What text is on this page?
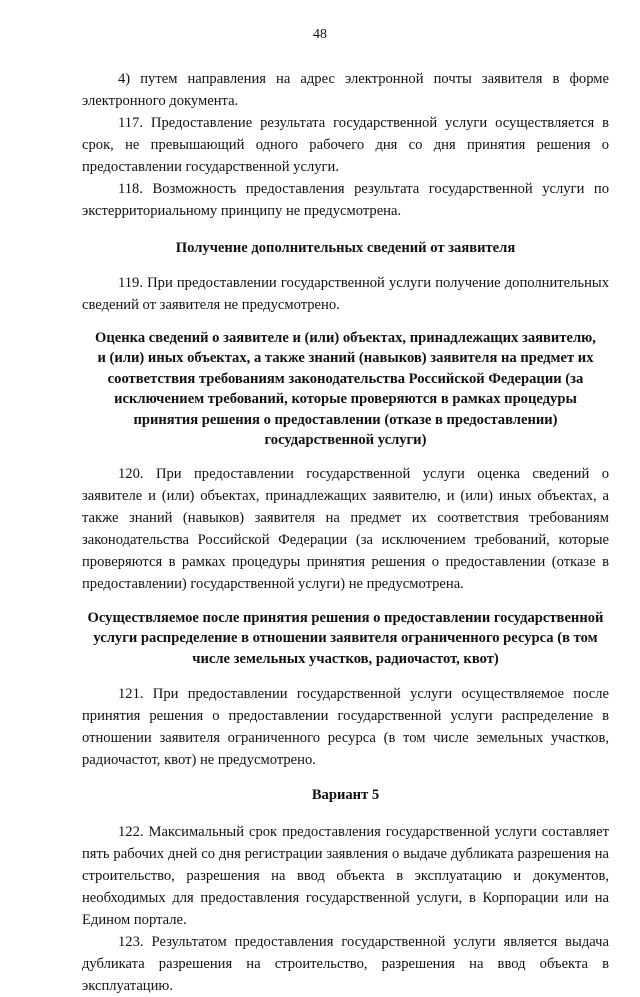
48

4) путем направления на адрес электронной почты заявителя в форме электронного документа.

117. Предоставление результата государственной услуги осуществляется в срок, не превышающий одного рабочего дня со дня принятия решения о предоставлении государственной услуги.

118. Возможность предоставления результата государственной услуги по экстерриториальному принципу не предусмотрена.

Получение дополнительных сведений от заявителя

119. При предоставлении государственной услуги получение дополнительных сведений от заявителя не предусмотрено.

Оценка сведений о заявителе и (или) объектах, принадлежащих заявителю, и (или) иных объектах, а также знаний (навыков) заявителя на предмет их соответствия требованиям законодательства Российской Федерации (за исключением требований, которые проверяются в рамках процедуры принятия решения о предоставлении (отказе в предоставлении) государственной услуги)

120. При предоставлении государственной услуги оценка сведений о заявителе и (или) объектах, принадлежащих заявителю, и (или) иных объектах, а также знаний (навыков) заявителя на предмет их соответствия требованиям законодательства Российской Федерации (за исключением требований, которые проверяются в рамках процедуры принятия решения о предоставлении (отказе в предоставлении) государственной услуги) не предусмотрена.

Осуществляемое после принятия решения о предоставлении государственной услуги распределение в отношении заявителя ограниченного ресурса (в том числе земельных участков, радиочастот, квот)

121. При предоставлении государственной услуги осуществляемое после принятия решения о предоставлении государственной услуги распределение в отношении заявителя ограниченного ресурса (в том числе земельных участков, радиочастот, квот) не предусмотрено.

Вариант 5

122. Максимальный срок предоставления государственной услуги составляет пять рабочих дней со дня регистрации заявления о выдаче дубликата разрешения на строительство, разрешения на ввод объекта в эксплуатацию и документов, необходимых для предоставления государственной услуги, в Корпорации или на Едином портале.

123. Результатом предоставления государственной услуги является выдача дубликата разрешения на строительство, разрешения на ввод объекта в эксплуатацию.
